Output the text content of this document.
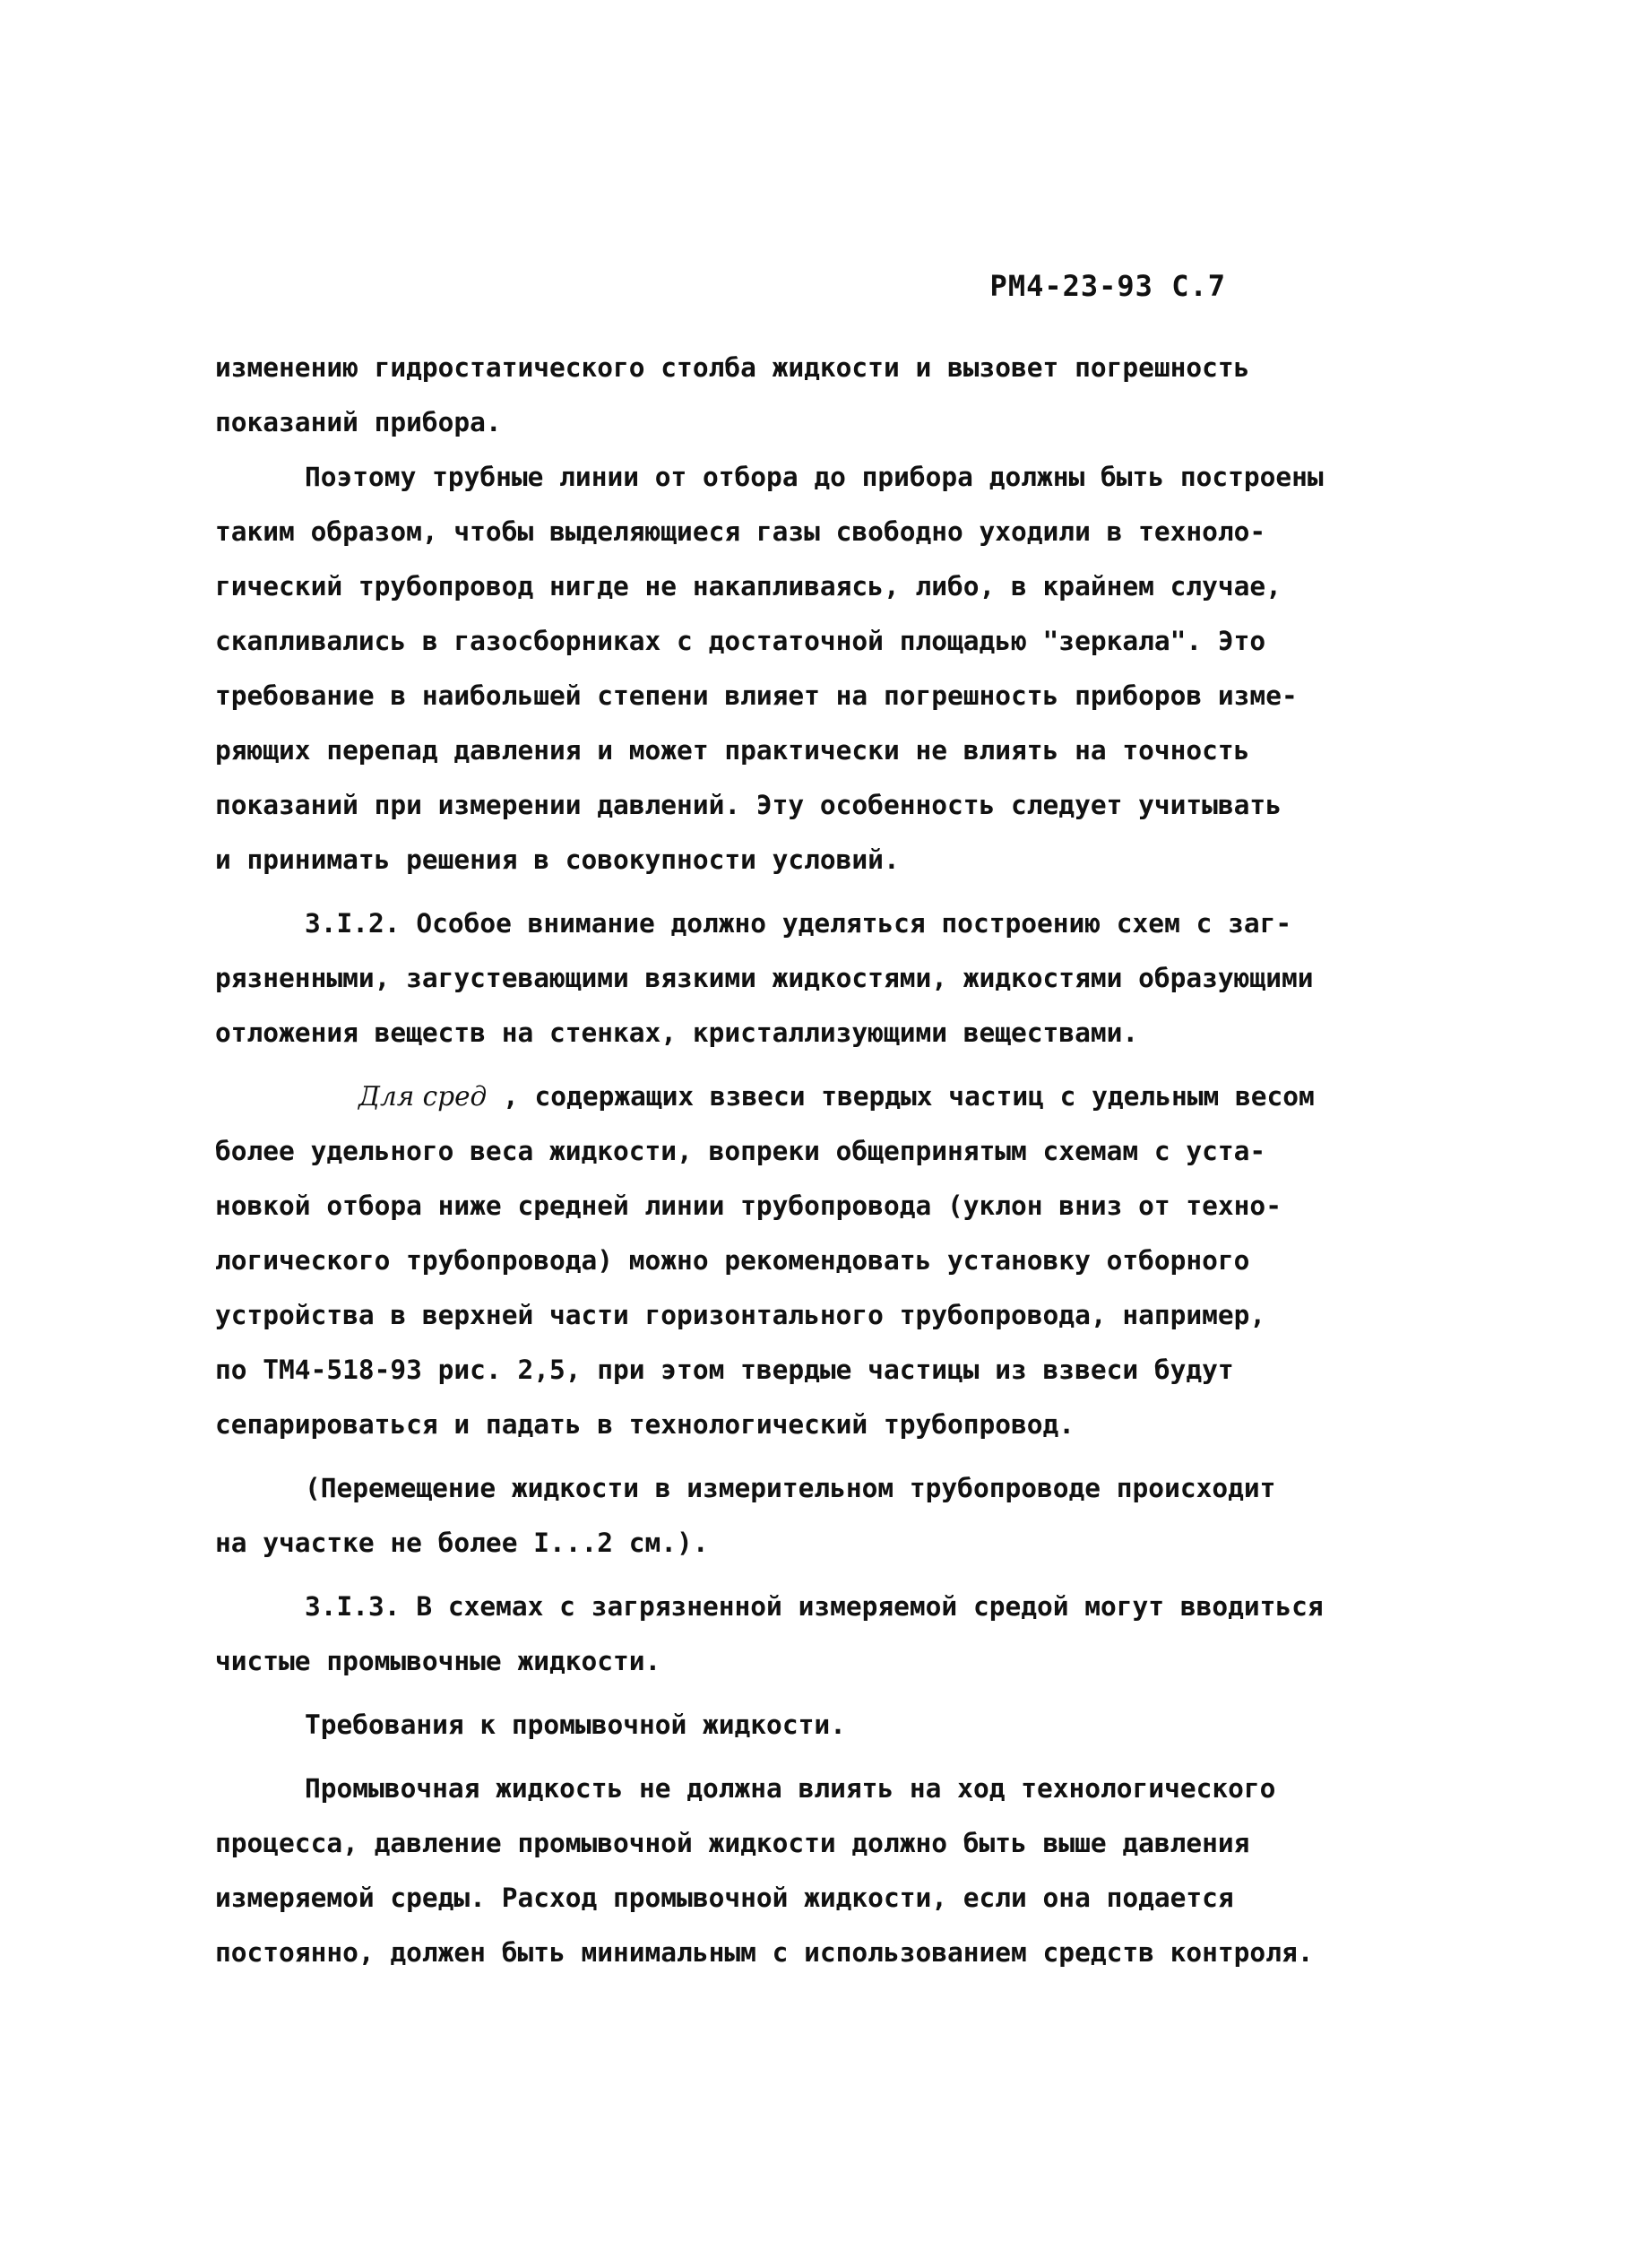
РМ4-23-93 С.7
изменению гидростатического столба жидкости и вызовет погрешность
показаний прибора.
Поэтому трубные линии от отбора до прибора должны быть построены
таким образом, чтобы выделяющиеся газы свободно уходили в техноло-
гический трубопровод нигде не накапливаясь, либо, в крайнем случае,
скапливались в газосборниках с достаточной площадью "зеркала". Это
требование в наибольшей степени влияет на погрешность приборов изме-
ряющих перепад давления и может практически не влиять на точность
показаний при измерении давлений. Эту особенность следует учитывать
и принимать решения в совокупности условий.
3.I.2. Особое внимание должно уделяться построению схем с заг-
рязненными, загустевающими вязкими жидкостями, жидкостями образующими
отложения веществ на стенках, кристаллизующими веществами.
Для сред , содержащих взвеси твердых частиц с удельным весом
более удельного веса жидкости, вопреки общепринятым схемам с уста-
новкой отбора ниже средней линии трубопровода (уклон вниз от техно-
логического трубопровода) можно рекомендовать установку отборного
устройства в верхней части горизонтального трубопровода, например,
по ТМ4-518-93 рис. 2,5, при этом твердые частицы из взвеси будут
сепарироваться и падать в технологический трубопровод.
(Перемещение жидкости в измерительном трубопроводе происходит
на участке не более I...2 см.).
3.I.3. В схемах с загрязненной измеряемой средой могут вводиться
чистые промывочные жидкости.
Требования к промывочной жидкости.
Промывочная жидкость не должна влиять на ход технологического
процесса, давление промывочной жидкости должно быть выше давления
измеряемой среды. Расход промывочной жидкости, если она подается
постоянно, должен быть минимальным с использованием средств контроля.
